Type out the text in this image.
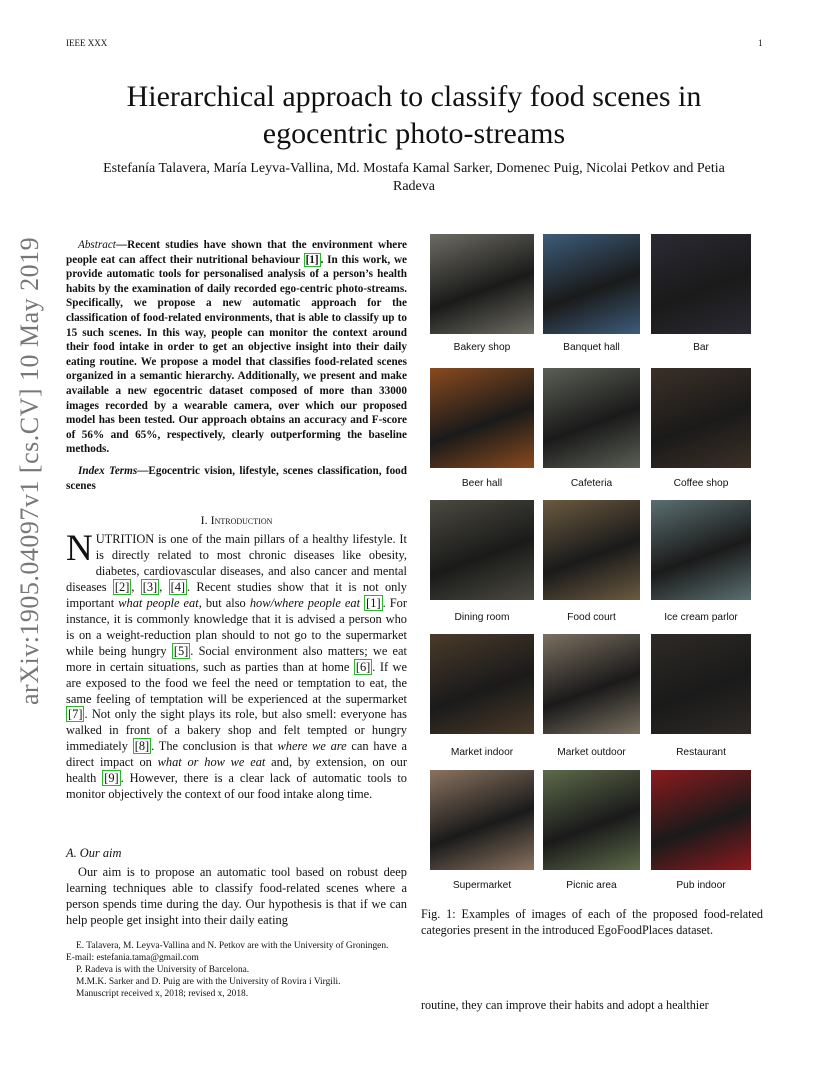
IEEE XXX	1
Hierarchical approach to classify food scenes in
egocentric photo-streams
Estefanía Talavera, María Leyva-Vallina, Md. Mostafa Kamal Sarker, Domenec Puig, Nicolai Petkov and Petia
Radeva
arXiv:1905.04097v1 [cs.CV] 10 May 2019	Abstract—Recent studies have shown that the environment where people eat can affect their nutritional behaviour [1] . In this work, we provide automatic tools for personalised analysis of a person’s health habits by the examination of daily recorded ego-centric photo-streams. Specifically, we propose a new automatic approach for the classification of food-related environments, that is able to classify up to 15 such scenes. In this way, people can monitor the context around their food intake in order to get an objective insight into their daily eating routine. We propose a model that classifies food-related scenes organized in a semantic hierarchy. Additionally, we present and make available a new egocentric dataset composed of more than 33000 images recorded by a wearable camera, over which our proposed model has been tested. Our approach obtains an accuracy and F-score of 56% and 65%, respectively, clearly outperforming the baseline methods.
Index Terms—Egocentric vision, lifestyle, scenes classification, food scenes
I. Introduction
NUTRITION is one of the main pillars of a healthy lifestyle. It is directly related to most chronic diseases like obesity, diabetes, cardiovascular diseases, and also cancer and mental diseases [2] , [3] , [4] . Recent studies show that it is not only important what people eat, but also how/where people eat [1] . For instance, it is commonly knowledge that it is advised a person who is on a weight-reduction plan should to not go to the supermarket while being hungry [5] . Social environment also matters; we eat more in certain situations, such as parties than at home [6] . If we are exposed to the food we feel the need or temptation to eat, the same feeling of temptation will be experienced at the supermarket [7] . Not only the sight plays its role, but also smell: everyone has walked in front of a bakery shop and felt tempted or hungry immediately [8] . The conclusion is that where we are can have a direct impact on what or how we eat and, by extension, on our health [9] . However, there is a clear lack of automatic tools to monitor objectively the context of our food intake along time.
A. Our aim
Our aim is to propose an automatic tool based on robust deep learning techniques able to classify food-related scenes where a person spends time during the day. Our hypothesis is that if we can help people get insight into their daily eating
E. Talavera, M. Leyva-Vallina and N. Petkov are with the University of Groningen.
E-mail: estefania.tama@gmail.com
P. Radeva is with the University of Barcelona.
M.M.K. Sarker and D. Puig are with the University of Rovira i Virgili.
Manuscript received x, 2018; revised x, 2018.
Bakery shop	Banquet hall	Bar
Beer hall	Cafeteria	Coffee shop
Dining room	Food court	Ice cream parlor
Market indoor	Market outdoor	Restaurant
Supermarket	Picnic area	Pub indoor
Fig. 1: Examples of images of each of the proposed food-related categories present in the introduced EgoFoodPlaces dataset.
routine, they can improve their habits and adopt a healthier
